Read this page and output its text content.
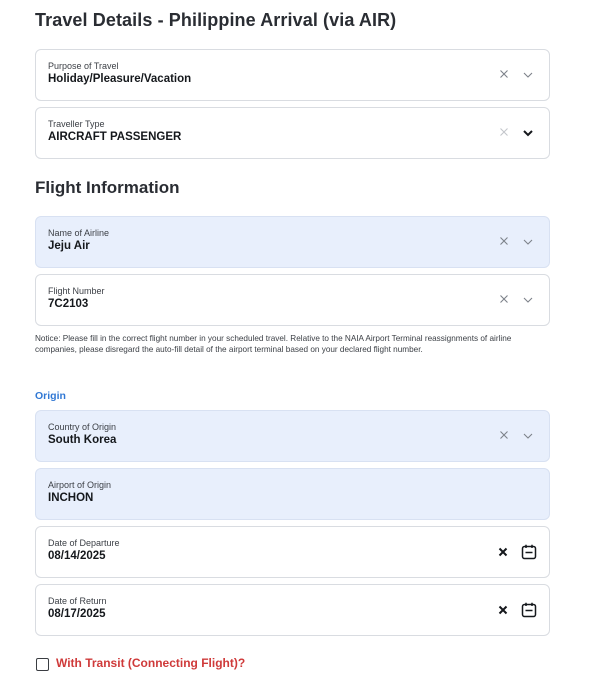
Travel Details - Philippine Arrival (via AIR)
Purpose of Travel
Holiday/Pleasure/Vacation
Traveller Type
AIRCRAFT PASSENGER
Flight Information
Name of Airline
Jeju Air
Flight Number
7C2103
Notice: Please fill in the correct flight number in your scheduled travel. Relative to the NAIA Airport Terminal reassignments of airline companies, please disregard the auto-fill detail of the airport terminal based on your declared flight number.
Origin
Country of Origin
South Korea
Airport of Origin
INCHON
Date of Departure
08/14/2025
Date of Return
08/17/2025
With Transit (Connecting Flight)?
